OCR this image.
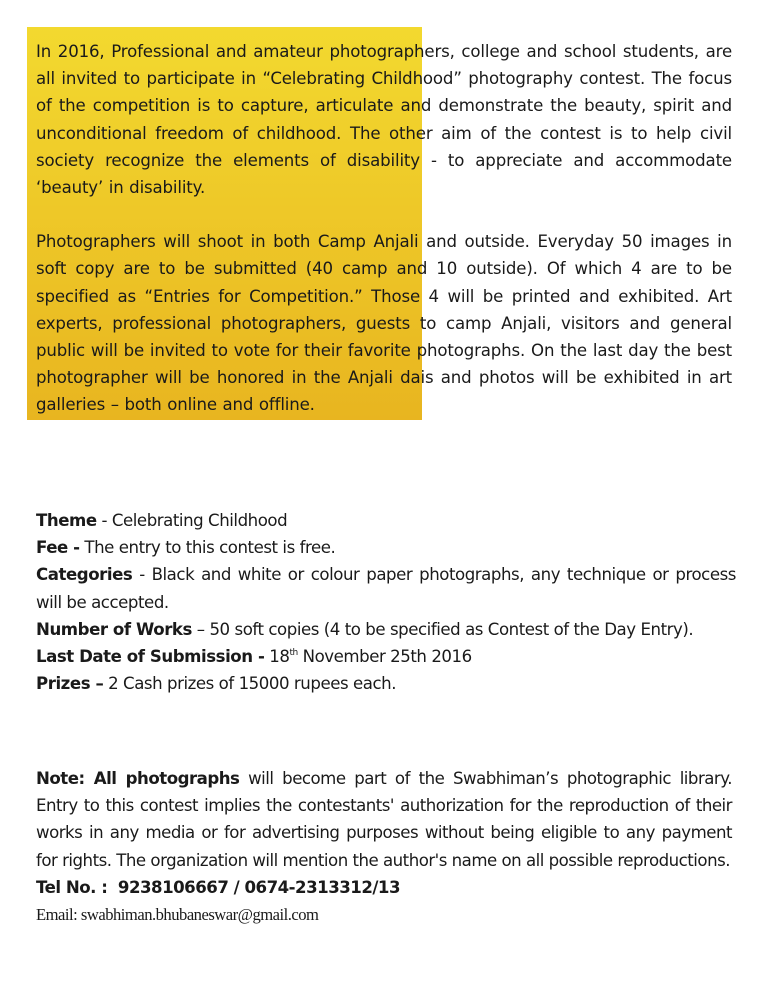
In 2016, Professional and amateur photographers, college and school students, are all invited to participate in “Celebrating Childhood” photography contest. The focus of the competition is to capture, articulate and demonstrate the beauty, spirit and unconditional freedom of childhood. The other aim of the contest is to help civil society recognize the elements of disability - to appreciate and accommodate ‘beauty’ in disability.

Photographers will shoot in both Camp Anjali and outside. Everyday 50 images in soft copy are to be submitted (40 camp and 10 outside). Of which 4 are to be specified as “Entries for Competition.” Those 4 will be printed and exhibited. Art experts, professional photographers, guests to camp Anjali, visitors and general public will be invited to vote for their favorite photographs. On the last day the best photographer will be honored in the Anjali dais and photos will be exhibited in art galleries – both online and offline.

Theme - Celebrating Childhood

Fee - The entry to this contest is free.

Categories - Black and white or colour paper photographs, any technique or process will be accepted.

Number of Works – 50 soft copies (4 to be specified as Contest of the Day Entry).

Last Date of Submission - 18th November 25th 2016

Prizes – 2 Cash prizes of 15000 rupees each.

Note: All photographs will become part of the Swabhiman’s photographic library. Entry to this contest implies the contestants' authorization for the reproduction of their works in any media or for advertising purposes without being eligible to any payment for rights. The organization will mention the author's name on all possible reproductions.

Tel No. : 9238106667 / 0674-2313312/13

Email: swabhiman.bhubaneswar@gmail.com
